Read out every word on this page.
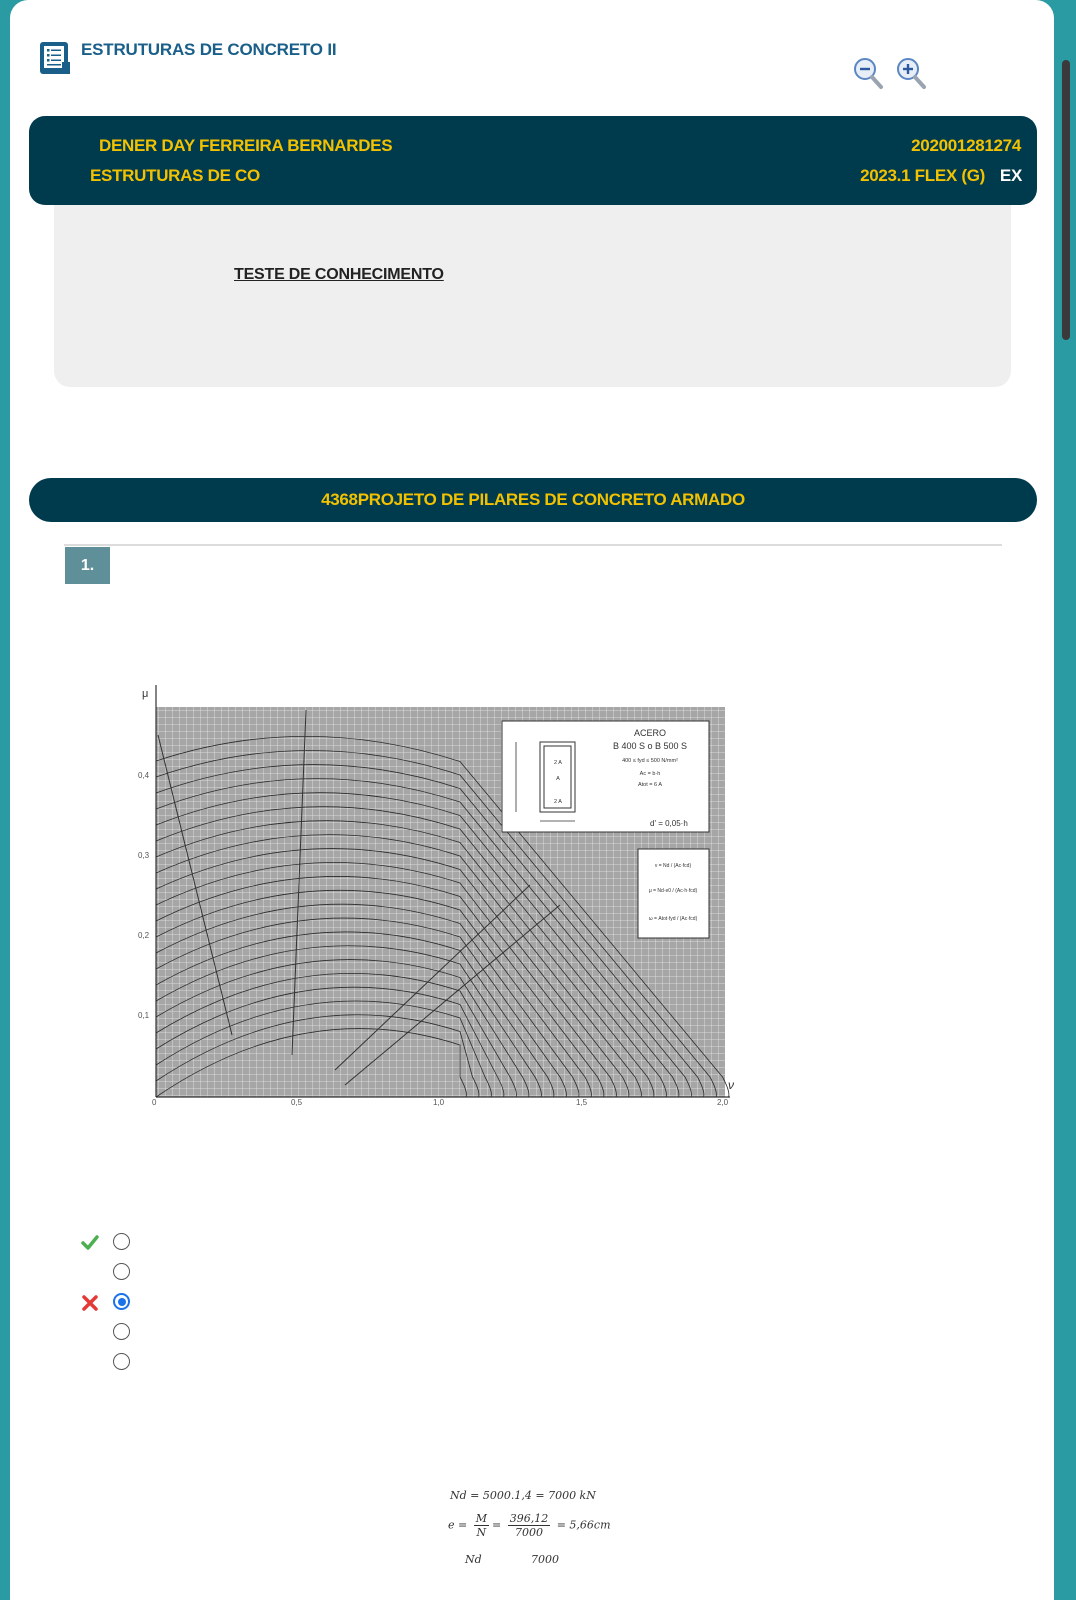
ESTRUTURAS DE CONCRETO II
DENER DAY FERREIRA BERNARDES	202001281274
ESTRUTURAS DE CO	2023.1 FLEX (G) EX
TESTE DE CONHECIMENTO
4368PROJETO DE PILARES DE CONCRETO ARMADO
1.
μ
ν
0,1
0,2
0,3
0,4
0	0,5	1,0	1,5	2,0
2 A
A
2 A
ACERO
B 400 S o B 500 S
400 ≤ fyd ≤ 500 N/mm²
Ac = b·h
Atot = 6 A
d' = 0,05·h
ν = Nd / (Ac·fcd)
μ = Nd·e0 / (Ac·h·fcd)
ω = Atot·fyd / (Ac·fcd)
Nd = 5000.1,4 = 7000 kN
$e = \frac{M}{N} = \frac{396,12}{7000} = 5,66cm$
Nd	7000
